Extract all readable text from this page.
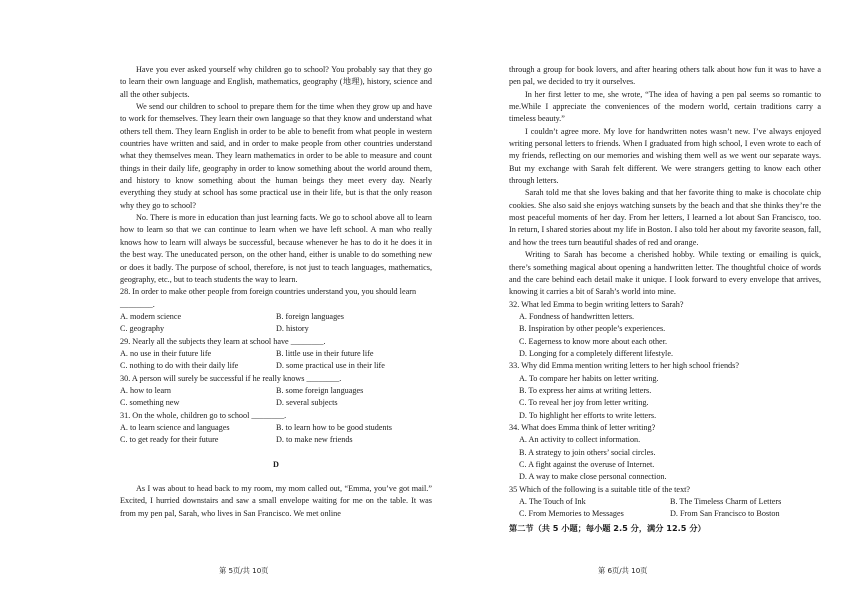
Have you ever asked yourself why children go to school? You probably say that they go to learn their own language and English, mathematics, geography (地理), history, science and all the other subjects.

We send our children to school to prepare them for the time when they grow up and have to work for themselves. They learn their own language so that they know and understand what others tell them. They learn English in order to be able to benefit from what people in western countries have written and said, and in order to make people from other countries understand what they themselves mean. They learn mathematics in order to be able to measure and count things in their daily life, geography in order to know something about the world around them, and history to know something about the human beings they meet every day. Nearly everything they study at school has some practical use in their life, but is that the only reason why they go to school?

No. There is more in education than just learning facts. We go to school above all to learn how to learn so that we can continue to learn when we have left school. A man who really knows how to learn will always be successful, because whenever he has to do it he does it in the best way. The uneducated person, on the other hand, either is unable to do something new or does it badly. The purpose of school, therefore, is not just to teach languages, mathematics, geography, etc., but to teach students the way to learn.

28. In order to make other people from foreign countries understand you, you should learn ________.

A. modern science	B. foreign languages
C. geography	D. history

29. Nearly all the subjects they learn at school have ________.

A. no use in their future life	B. little use in their future life
C. nothing to do with their daily life	D. some practical use in their life

30. A person will surely be successful if he really knows ________.

A. how to learn	B. some foreign languages
C. something new	D. several subjects

31. On the whole, children go to school ________.

A. to learn science and languages	B. to learn how to be good students
C. to get ready for their future	D. to make new friends
D

As I was about to head back to my room, my mom called out, “Emma, you’ve got mail.” Excited, I hurried downstairs and saw a small envelope waiting for me on the table. It was from my pen pal, Sarah, who lives in San Francisco. We met online

through a group for book lovers, and after hearing others talk about how fun it was to have a pen pal, we decided to try it ourselves.

In her first letter to me, she wrote, “The idea of having a pen pal seems so romantic to me.While I appreciate the conveniences of the modern world, certain traditions carry a timeless beauty.”

I couldn’t agree more. My love for handwritten notes wasn’t new. I’ve always enjoyed writing personal letters to friends. When I graduated from high school, I even wrote to each of my friends, reflecting on our memories and wishing them well as we went our separate ways. But my exchange with Sarah felt different. We were strangers getting to know each other through letters.

Sarah told me that she loves baking and that her favorite thing to make is chocolate chip cookies. She also said she enjoys watching sunsets by the beach and that she thinks they’re the most peaceful moments of her day. From her letters, I learned a lot about San Francisco, too. In return, I shared stories about my life in Boston. I also told her about my favorite season, fall, and how the trees turn beautiful shades of red and orange.

Writing to Sarah has become a cherished hobby. While texting or emailing is quick, there’s something magical about opening a handwritten letter. The thoughtful choice of words and the care behind each detail make it unique. I look forward to every envelope that arrives, knowing it carries a bit of Sarah’s world into mine.

32. What led Emma to begin writing letters to Sarah?

A. Fondness of handwritten letters.

B. Inspiration by other people’s experiences.

C. Eagerness to know more about each other.

D. Longing for a completely different lifestyle.

33. Why did Emma mention writing letters to her high school friends?

A. To compare her habits on letter writing.

B. To express her aims at writing letters.

C. To reveal her joy from letter writing.

D. To highlight her efforts to write letters.

34. What does Emma think of letter writing?

A. An activity to collect information.

B. A strategy to join others’ social circles.

C. A fight against the overuse of Internet.

D. A way to make close personal connection.

35 Which of the following is a suitable title of the text?

A. The Touch of Ink	B. The Timeless Charm of Letters
C. From Memories to Messages	D. From San Francisco to Boston
第二节（共 5 小题；每小题 2.5 分，满分 12.5 分）
第 5页/共 10页	第 6页/共 10页
